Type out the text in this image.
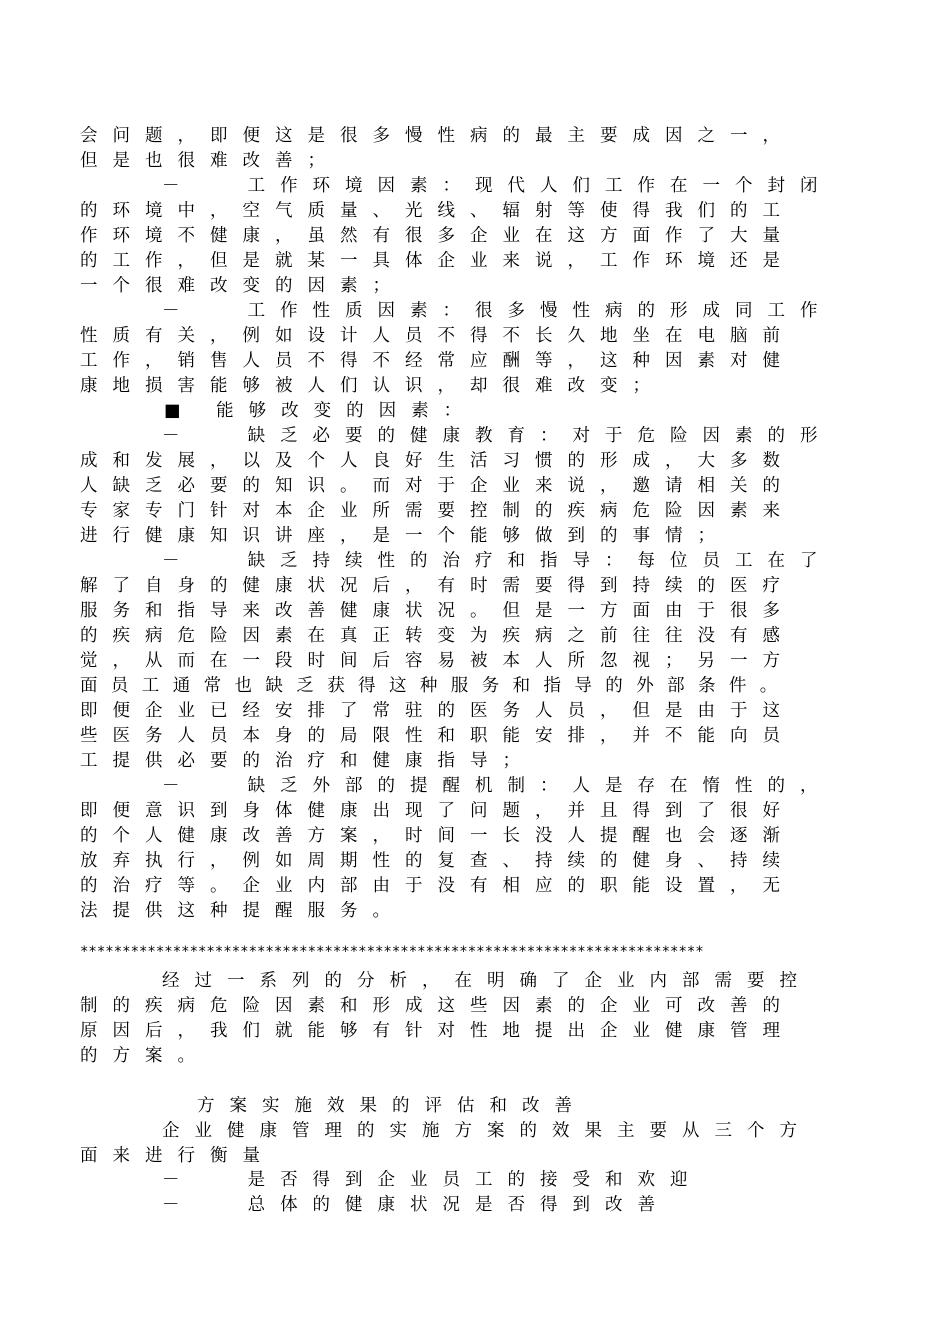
会问题，即便这是很多慢性病的最主要成因之一，
但是也很难改善；
－ 　工作环境因素：现代人们工作在一个封闭
的环境中，空气质量、光线、辐射等使得我们的工
作环境不健康，虽然有很多企业在这方面作了大量
的工作，但是就某一具体企业来说，工作环境还是
一个很难改变的因素；
－ 　工作性质因素：很多慢性病的形成同工作
性质有关，例如设计人员不得不长久地坐在电脑前
工作，销售人员不得不经常应酬等，这种因素对健
康地损害能够被人们认识，却很难改变；
■ 能够改变的因素：
－ 　缺乏必要的健康教育：对于危险因素的形
成和发展，以及个人良好生活习惯的形成，大多数
人缺乏必要的知识。而对于企业来说，邀请相关的
专家专门针对本企业所需要控制的疾病危险因素来
进行健康知识讲座，是一个能够做到的事情；
－ 　缺乏持续性的治疗和指导：每位员工在了
解了自身的健康状况后，有时需要得到持续的医疗
服务和指导来改善健康状况。但是一方面由于很多
的疾病危险因素在真正转变为疾病之前往往没有感
觉，从而在一段时间后容易被本人所忽视；另一方
面员工通常也缺乏获得这种服务和指导的外部条件。
即便企业已经安排了常驻的医务人员，但是由于这
些医务人员本身的局限性和职能安排，并不能向员
工提供必要的治疗和健康指导；
－ 　缺乏外部的提醒机制：人是存在惰性的，
即便意识到身体健康出现了问题，并且得到了很好
的个人健康改善方案，时间一长没人提醒也会逐渐
放弃执行，例如周期性的复查、持续的健身、持续
的治疗等。企业内部由于没有相应的职能设置，无
法提供这种提醒服务。
**************************************************************************
经过一系列的分析，在明确了企业内部需要控
制的疾病危险因素和形成这些因素的企业可改善的
原因后，我们就能够有针对性地提出企业健康管理
的方案。
方案实施效果的评估和改善
企业健康管理的实施方案的效果主要从三个方
面来进行衡量
－ 　是否得到企业员工的接受和欢迎
－ 　总体的健康状况是否得到改善
